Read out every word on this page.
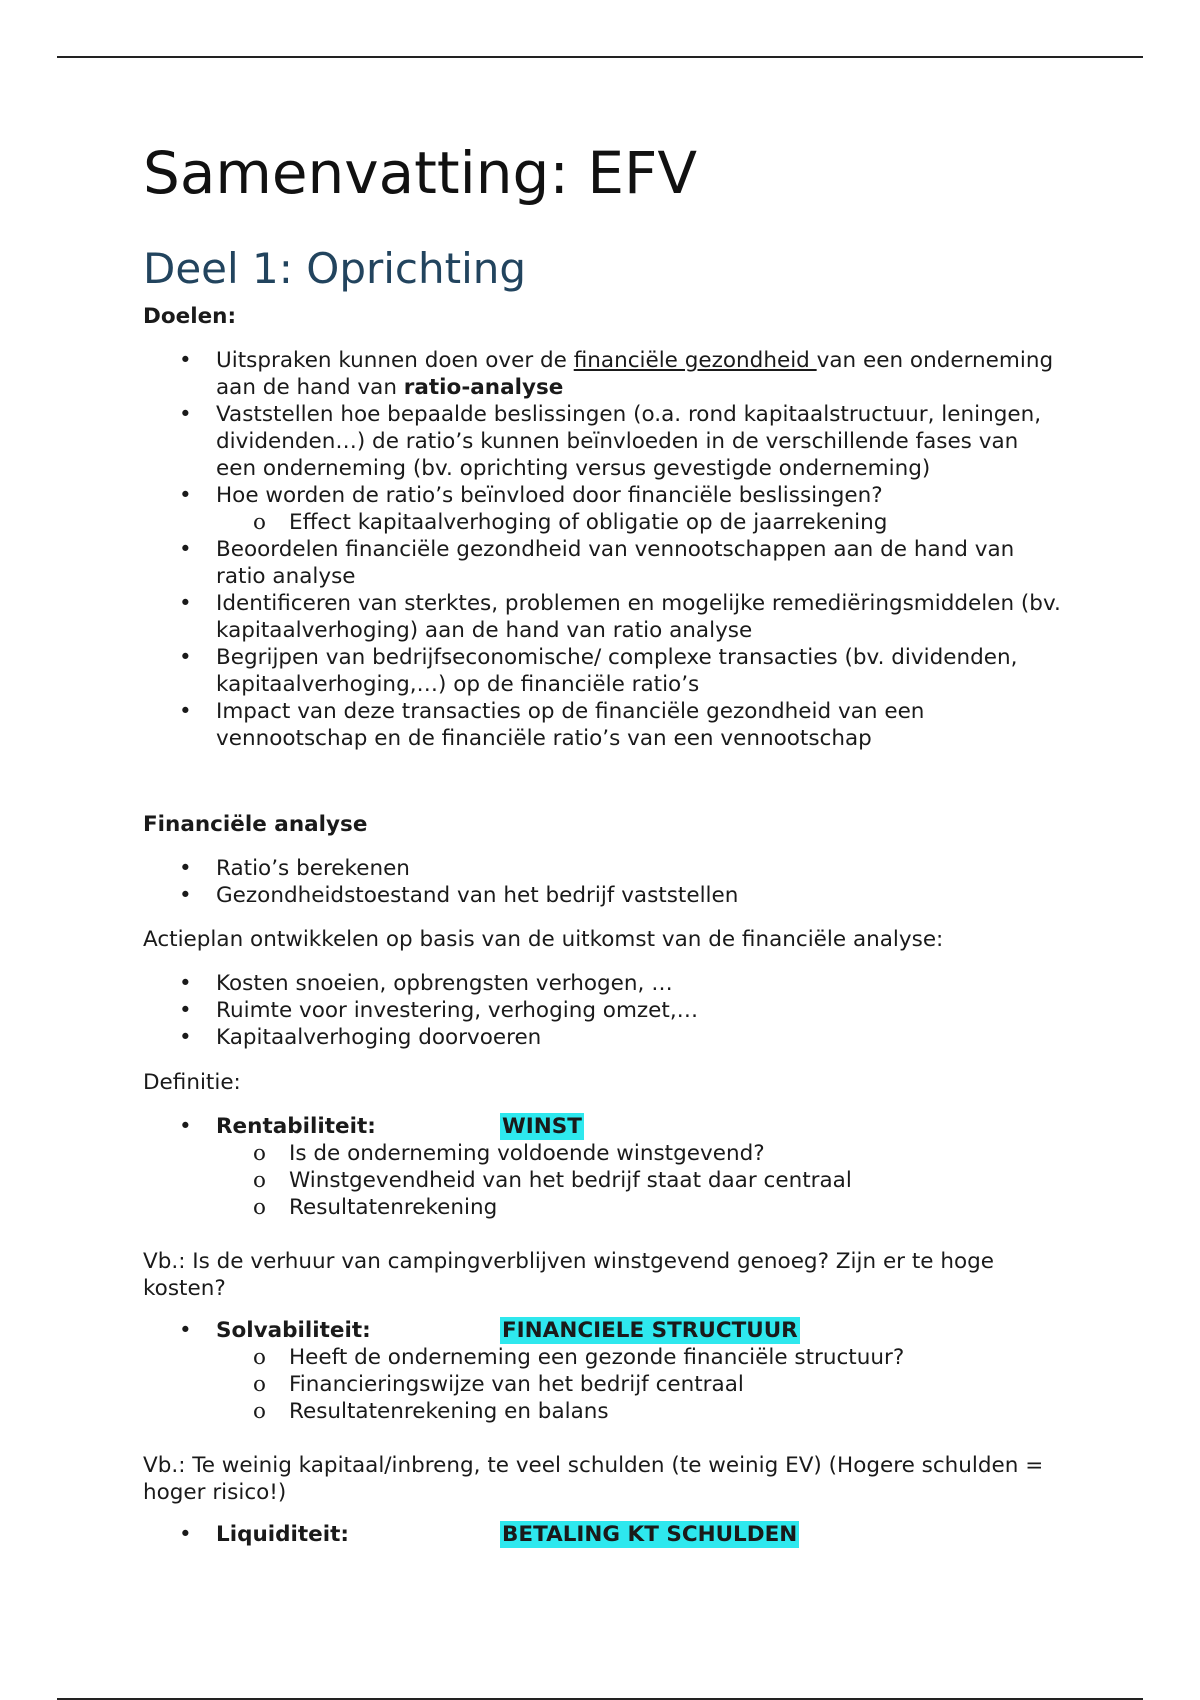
Samenvatting: EFV
Deel 1: Oprichting
Doelen:
• Uitspraken kunnen doen over de financiële gezondheid van een onderneming aan de hand van ratio-analyse
• Vaststellen hoe bepaalde beslissingen (o.a. rond kapitaalstructuur, leningen, dividenden…) de ratio’s kunnen beïnvloeden in de verschillende fases van een onderneming (bv. oprichting versus gevestigde onderneming)
• Hoe worden de ratio’s beïnvloed door financiële beslissingen?
o Effect kapitaalverhoging of obligatie op de jaarrekening
• Beoordelen financiële gezondheid van vennootschappen aan de hand van ratio analyse
• Identificeren van sterktes, problemen en mogelijke remediëringsmiddelen (bv. kapitaalverhoging) aan de hand van ratio analyse
• Begrijpen van bedrijfseconomische/ complexe transacties (bv. dividenden, kapitaalverhoging,…) op de financiële ratio’s
• Impact van deze transacties op de financiële gezondheid van een vennootschap en de financiële ratio’s van een vennootschap
Financiële analyse
• Ratio’s berekenen
• Gezondheidstoestand van het bedrijf vaststellen
Actieplan ontwikkelen op basis van de uitkomst van de financiële analyse:
• Kosten snoeien, opbrengsten verhogen, …
• Ruimte voor investering, verhoging omzet,…
• Kapitaalverhoging doorvoeren
Definitie:
• Rentabiliteit:	WINST
o Is de onderneming voldoende winstgevend?
o Winstgevendheid van het bedrijf staat daar centraal
o Resultatenrekening
Vb.: Is de verhuur van campingverblijven winstgevend genoeg? Zijn er te hoge kosten?
• Solvabiliteit:	FINANCIELE STRUCTUUR
o Heeft de onderneming een gezonde financiële structuur?
o Financieringswijze van het bedrijf centraal
o Resultatenrekening en balans
Vb.: Te weinig kapitaal/inbreng, te veel schulden (te weinig EV) (Hogere schulden = hoger risico!)
• Liquiditeit:	BETALING KT SCHULDEN
